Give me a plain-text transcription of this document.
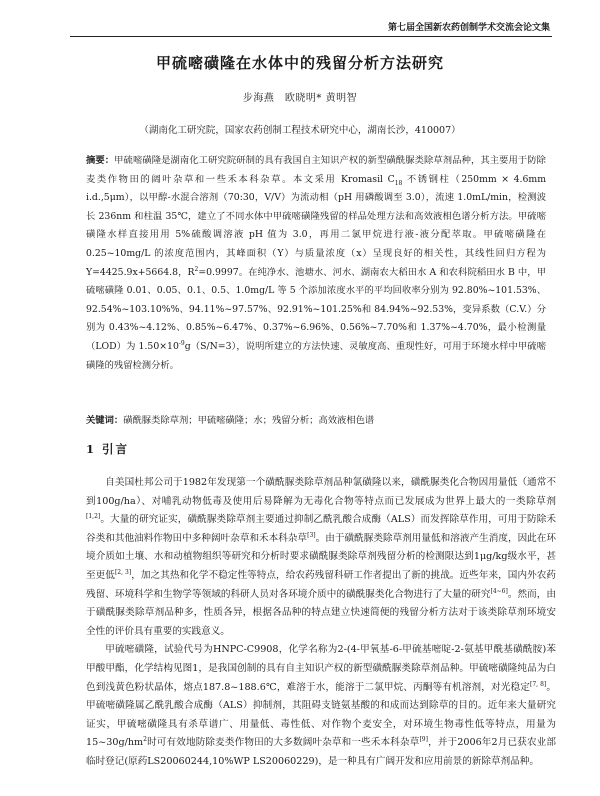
第七届全国新农药创制学术交流会论文集
甲硫嘧磺隆在水体中的残留分析方法研究
步海燕　欧晓明* 黄明智
（湖南化工研究院，国家农药创制工程技术研究中心，湖南长沙，410007）
摘要：甲硫嘧磺隆是湖南化工研究院研制的具有我国自主知识产权的新型磺酰脲类除草剂品种，其主要用于防除麦类作物田的阔叶杂草和一些禾本科杂草。本文采用 Kromasil $C_{18}$ 不锈钢柱（250mm × 4.6mm i.d.,5μm），以甲醇-水混合溶剂（70:30，V/V）为流动相（pH 用磷酸调至 3.0），流速 1.0mL/min，检测波长 236nm 和柱温 35℃，建立了不同水体中甲硫嘧磺隆残留的样品处理方法和高效液相色谱分析方法。甲硫嘧磺隆水样直接用用 5%硫酸调溶液 pH 值为 3.0，再用二氯甲烷进行液-液分配萃取。甲硫嘧磺隆在 0.25~10mg/L 的浓度范围内，其峰面积（Y）与质量浓度（x）呈现良好的相关性，其线性回归方程为 Y=4425.9x+5664.8，$R^2=0.9997$。在纯净水、池塘水、河水、湖南农大稻田水 A 和农科院稻田水 B 中，甲硫嘧磺隆 0.01、0.05、0.1、0.5、1.0mg/L 等 5 个添加浓度水平的平均回收率分别为 92.80%~101.53%、92.54%~103.10%%、94.11%~97.57%、92.91%~101.25%和 84.94%~92.53%，变异系数（C.V.）分别为 0.43%~4.12%、0.85%~6.47%、0.37%~6.96%、0.56%~7.70%和 1.37%~4.70%，最小检测量（LOD）为 $1.50\times 10^{-9}g(S/N=3)$，说明所建立的方法快速、灵敏度高、重现性好，可用于环境水样中甲硫嘧磺隆的残留检测分析。
关键词：磺酰脲类除草剂；甲硫嘧磺隆；水；残留分析；高效液相色谱
1 引言

自美国杜邦公司于1982年发现第一个磺酰脲类除草剂品种氯磺隆以来，磺酰脲类化合物因用量低（通常不到100g/ha）、对哺乳动物低毒及使用后易降解为无毒化合物等特点而已发展成为世界上最大的一类除草剂[1,2]。大量的研究证实，磺酰脲类除草剂主要通过抑制乙酰乳酸合成酶（ALS）而发挥除草作用，可用于防除禾谷类和其他油料作物田中多种阔叶杂草和禾本科杂草[3]。由于磺酰脲类除草剂用量低和溶液产生消度，因此在环境介质如土壤、水和动植物组织等研究和分析时要求磺酰脲类除草剂残留分析的检测限达到1μg/kg级水平，甚至更低[2, 3]，加之其热和化学不稳定性等特点，给农药残留科研工作者提出了新的挑战。近些年来，国内外农药残留、环境科学和生物学等领域的科研人员对各环境介质中的磺酰脲类化合物进行了大量的研究[4~6]。然而，由于磺酰脲类除草剂品种多，性质各异，根据各品种的特点建立快速简便的残留分析方法对于该类除草剂环境安全性的评价具有重要的实践意义。

甲硫嘧磺隆，试验代号为HNPC-C9908，化学名称为2-(4-甲氧基-6-甲硫基嘧啶-2-氨基甲酰基磺酰胺)苯甲酸甲酯，化学结构见图1，是我国创制的具有自主知识产权的新型磺酰脲类除草剂品种。甲硫嘧磺隆纯品为白色到浅黄色粉状晶体，熔点187.8~188.6℃，难溶于水，能溶于二氯甲烷、丙酮等有机溶剂，对光稳定[7, 8]。甲硫嘧磺隆属乙酰乳酸合成酶（ALS）抑制剂，其阻碍支链氨基酸的和成而达到除草的目的。近年来大量研究证实，甲硫嘧磺隆具有杀草谱广、用量低、毒性低、对作物个麦安全，对环境生物毒性低等特点，用量为$15\sim 30g/hm^2$时可有效地防除麦类作物田的大多数阔叶杂草和一些禾本科杂草[9]，并于2006年2月已获农业部临时登记(原药LS20060244,10%WP LS20060229)，是一种具有广阔开发和应用前景的新除草剂品种。
